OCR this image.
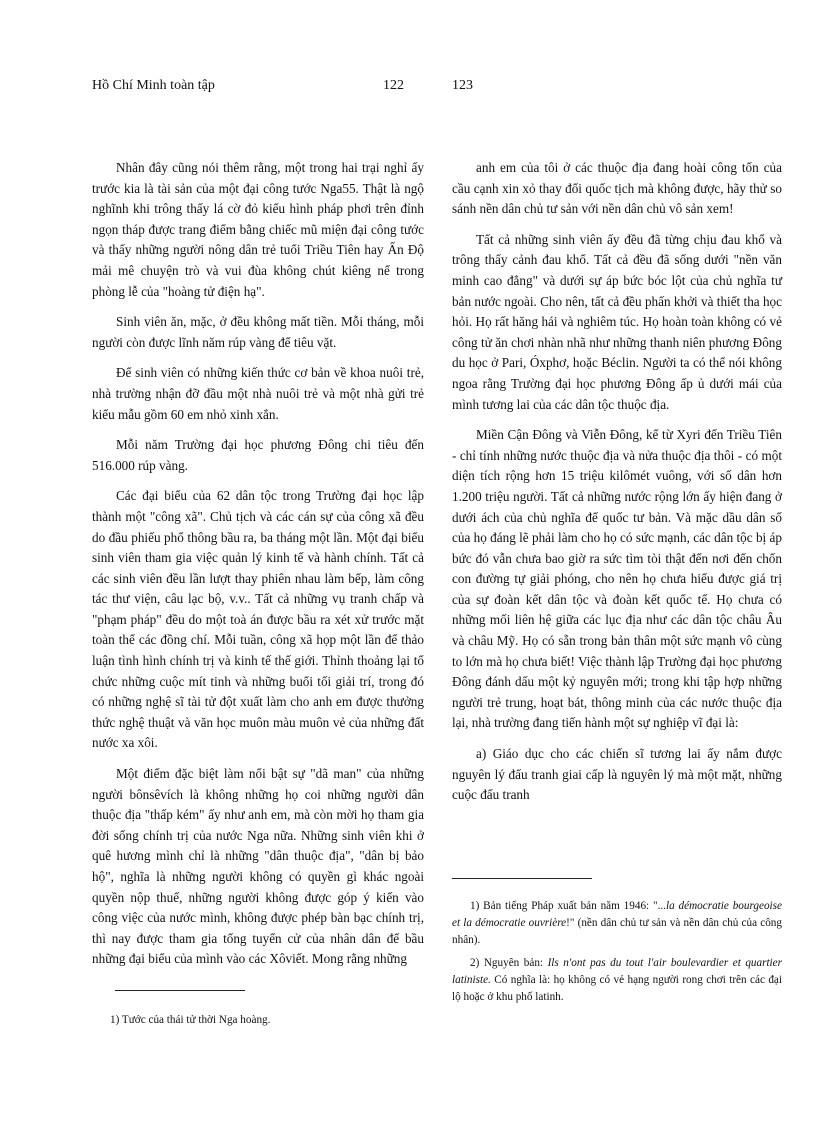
Hồ Chí Minh toàn tập	122	123

Nhân đây cũng nói thêm rằng, một trong hai trại nghỉ ấy trước kia là tài sản của một đại công tước Nga55. Thật là ngộ nghĩnh khi trông thấy lá cờ đỏ kiểu hình pháp phơi trên đỉnh ngọn tháp được trang điểm bằng chiếc mũ miện đại công tước và thấy những người nông dân trẻ tuổi Triều Tiên hay Ấn Độ mải mê chuyện trò và vui đùa không chút kiêng nể trong phòng lễ của "hoàng tử điện hạ".

Sinh viên ăn, mặc, ở đều không mất tiền. Mỗi tháng, mỗi người còn được lĩnh năm rúp vàng để tiêu vặt.

Để sinh viên có những kiến thức cơ bản về khoa nuôi trẻ, nhà trường nhận đỡ đầu một nhà nuôi trẻ và một nhà gửi trẻ kiểu mẫu gồm 60 em nhỏ xinh xắn.

Mỗi năm Trường đại học phương Đông chi tiêu đến 516.000 rúp vàng.

Các đại biểu của 62 dân tộc trong Trường đại học lập thành một "công xã". Chủ tịch và các cán sự của công xã đều do đầu phiếu phổ thông bầu ra, ba tháng một lần. Một đại biểu sinh viên tham gia việc quản lý kinh tế và hành chính. Tất cả các sinh viên đều lần lượt thay phiên nhau làm bếp, làm công tác thư viện, câu lạc bộ, v.v.. Tất cả những vụ tranh chấp và "phạm pháp" đều do một toà án được bầu ra xét xử trước mặt toàn thể các đồng chí. Mỗi tuần, công xã họp một lần để thảo luận tình hình chính trị và kinh tế thế giới. Thỉnh thoảng lại tổ chức những cuộc mít tinh và những buổi tối giải trí, trong đó có những nghệ sĩ tài tử đột xuất làm cho anh em được thưởng thức nghệ thuật và văn học muôn màu muôn vẻ của những đất nước xa xôi.

Một điểm đặc biệt làm nổi bật sự "dã man" của những người bônsêvích là không những họ coi những người dân thuộc địa "thấp kém" ấy như anh em, mà còn mời họ tham gia đời sống chính trị của nước Nga nữa. Những sinh viên khi ở quê hương mình chỉ là những "dân thuộc địa", "dân bị bảo hộ", nghĩa là những người không có quyền gì khác ngoài quyền nộp thuế, những người không được góp ý kiến vào công việc của nước mình, không được phép bàn bạc chính trị, thì nay được tham gia tổng tuyển cử của nhân dân để bầu những đại biểu của mình vào các Xôviết. Mong rằng những

1) Tước của thái tử thời Nga hoàng.

anh em của tôi ở các thuộc địa đang hoài công tốn của cầu cạnh xin xỏ thay đổi quốc tịch mà không được, hãy thử so sánh nền dân chủ tư sản với nền dân chủ vô sản xem!

Tất cả những sinh viên ấy đều đã từng chịu đau khổ và trông thấy cảnh đau khổ. Tất cả đều đã sống dưới "nền văn minh cao đẳng" và dưới sự áp bức bóc lột của chủ nghĩa tư bản nước ngoài. Cho nên, tất cả đều phấn khởi và thiết tha học hỏi. Họ rất hăng hái và nghiêm túc. Họ hoàn toàn không có vẻ công tử ăn chơi nhàn nhã như những thanh niên phương Đông du học ở Pari, Óxphơ, hoặc Béclin. Người ta có thể nói không ngoa rằng Trường đại học phương Đông ấp ủ dưới mái của mình tương lai của các dân tộc thuộc địa.

Miền Cận Đông và Viễn Đông, kể từ Xyri đến Triều Tiên - chỉ tính những nước thuộc địa và nửa thuộc địa thôi - có một diện tích rộng hơn 15 triệu kilômét vuông, với số dân hơn 1.200 triệu người. Tất cả những nước rộng lớn ấy hiện đang ở dưới ách của chủ nghĩa đế quốc tư bản. Và mặc dầu dân số của họ đáng lẽ phải làm cho họ có sức mạnh, các dân tộc bị áp bức đó vẫn chưa bao giờ ra sức tìm tòi thật đến nơi đến chốn con đường tự giải phóng, cho nên họ chưa hiểu được giá trị của sự đoàn kết dân tộc và đoàn kết quốc tế. Họ chưa có những mối liên hệ giữa các lục địa như các dân tộc châu Âu và châu Mỹ. Họ có sẵn trong bản thân một sức mạnh vô cùng to lớn mà họ chưa biết! Việc thành lập Trường đại học phương Đông đánh dấu một kỷ nguyên mới; trong khi tập hợp những người trẻ trung, hoạt bát, thông minh của các nước thuộc địa lại, nhà trường đang tiến hành một sự nghiệp vĩ đại là:

a) Giáo dục cho các chiến sĩ tương lai ấy nắm được nguyên lý đấu tranh giai cấp là nguyên lý mà một mặt, những cuộc đấu tranh

1) Bản tiếng Pháp xuất bản năm 1946: "...la démocratie bourgeoise et la démocratie ouvrière!" (nền dân chủ tư sản và nền dân chủ của công nhân).

2) Nguyên bản: Ils n'ont pas du tout l'air boulevardier et quartier latiniste. Có nghĩa là: họ không có vẻ hạng người rong chơi trên các đại lộ hoặc ở khu phố latinh.
